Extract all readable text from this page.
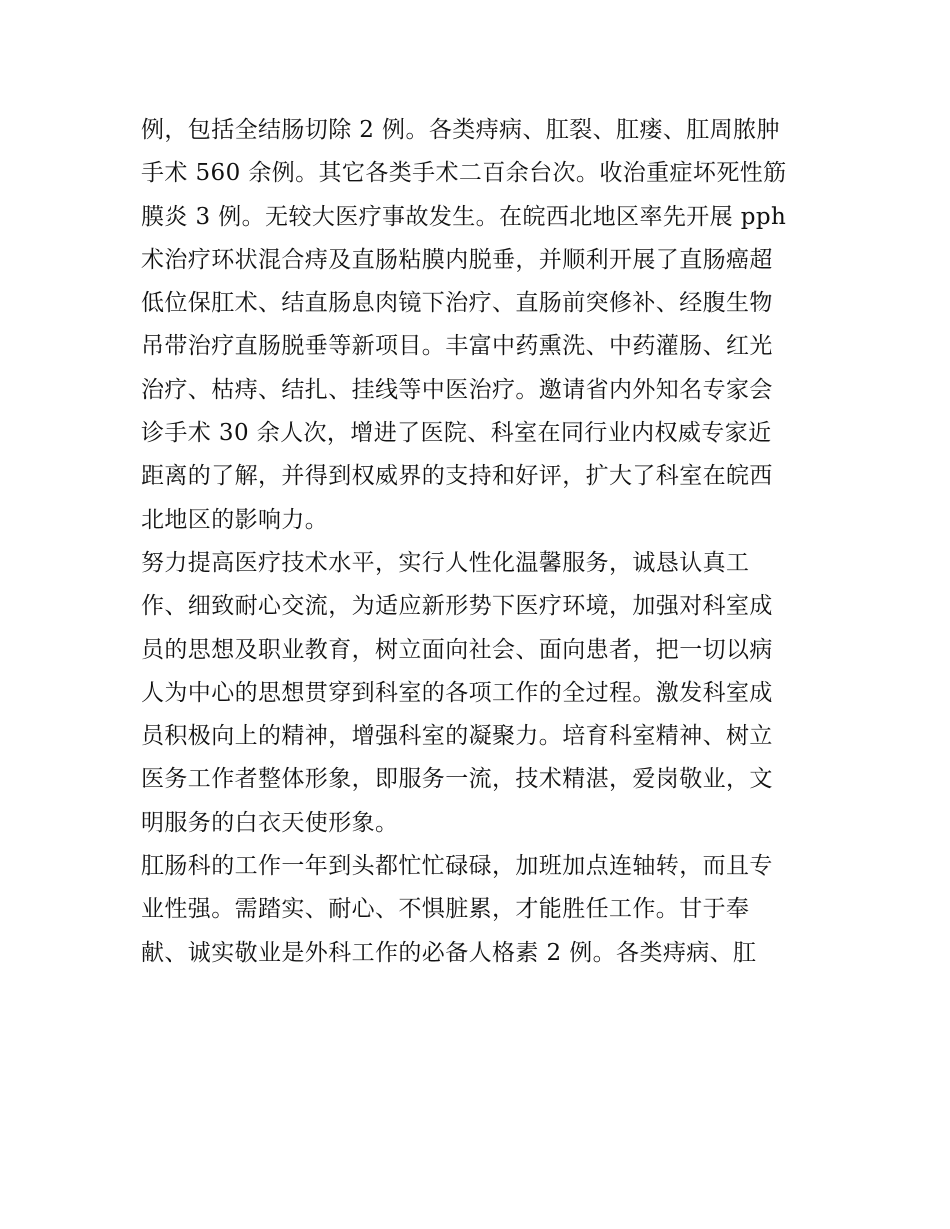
例，包括全结肠切除 2 例。各类痔病、肛裂、肛瘘、肛周脓肿
手术 560 余例。其它各类手术二百余台次。收治重症坏死性筋
膜炎 3 例。无较大医疗事故发生。在皖西北地区率先开展 pph
术治疗环状混合痔及直肠粘膜内脱垂，并顺利开展了直肠癌超
低位保肛术、结直肠息肉镜下治疗、直肠前突修补、经腹生物
吊带治疗直肠脱垂等新项目。丰富中药熏洗、中药灌肠、红光
治疗、枯痔、结扎、挂线等中医治疗。邀请省内外知名专家会
诊手术 30 余人次，增进了医院、科室在同行业内权威专家近
距离的了解，并得到权威界的支持和好评，扩大了科室在皖西
北地区的影响力。
努力提高医疗技术水平，实行人性化温馨服务，诚恳认真工
作、细致耐心交流，为适应新形势下医疗环境，加强对科室成
员的思想及职业教育，树立面向社会、面向患者，把一切以病
人为中心的思想贯穿到科室的各项工作的全过程。激发科室成
员积极向上的精神，增强科室的凝聚力。培育科室精神、树立
医务工作者整体形象，即服务一流，技术精湛，爱岗敬业，文
明服务的白衣天使形象。
肛肠科的工作一年到头都忙忙碌碌，加班加点连轴转，而且专
业性强。需踏实、耐心、不惧脏累，才能胜任工作。甘于奉
献、诚实敬业是外科工作的必备人格素 2 例。各类痔病、肛
